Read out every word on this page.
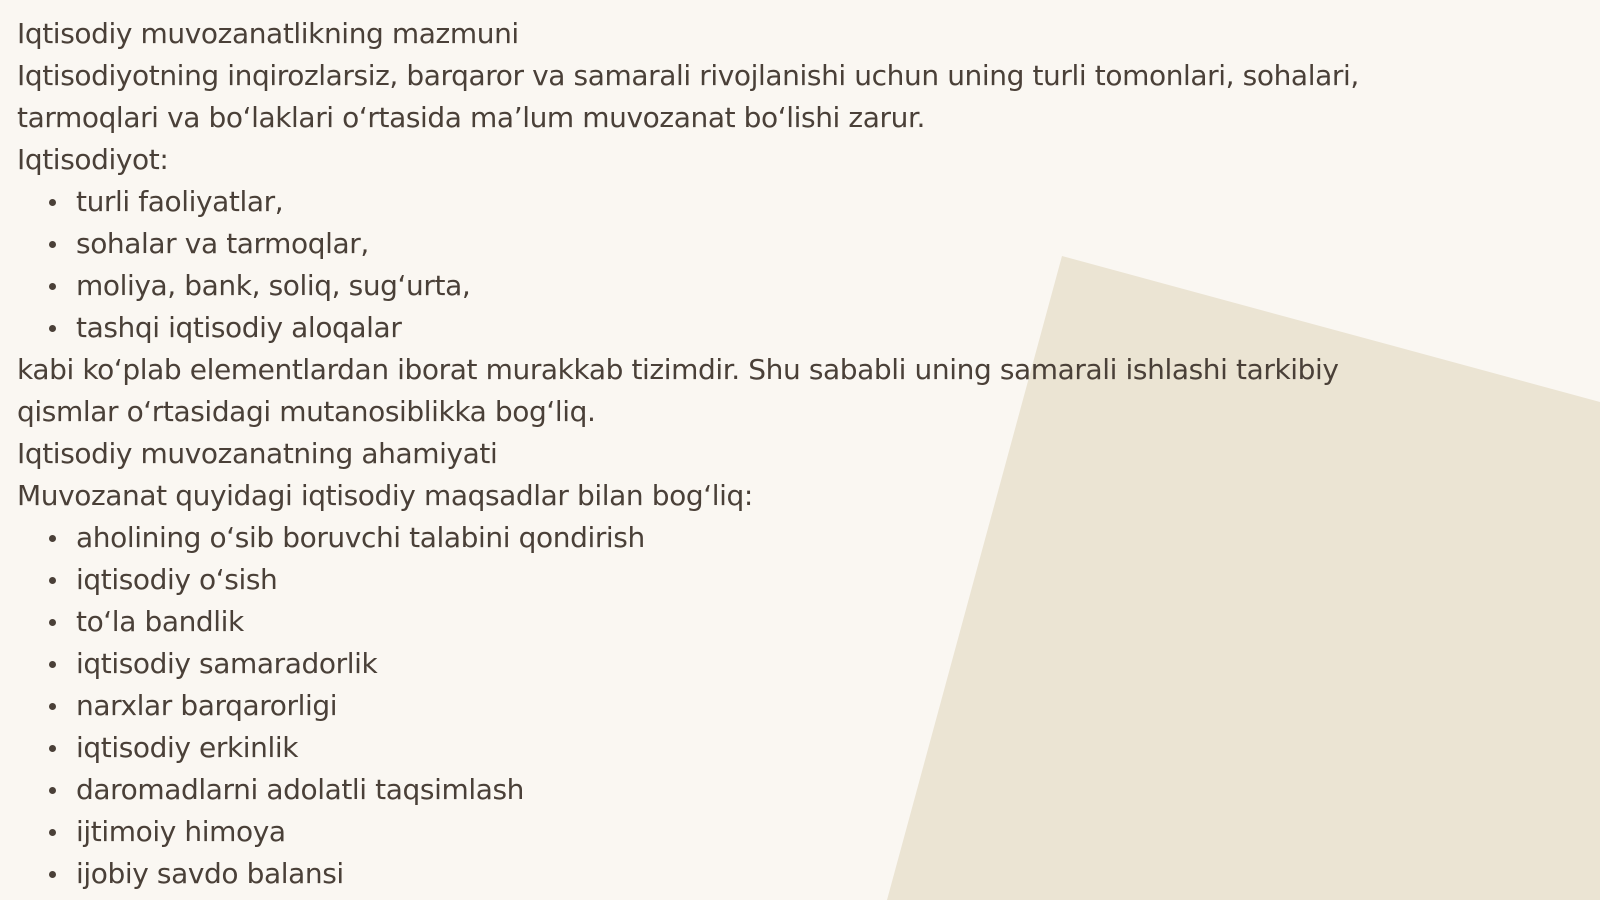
Iqtisodiy muvozanatlikning mazmuni

Iqtisodiyotning inqirozlarsiz, barqaror va samarali rivojlanishi uchun uning turli tomonlari, sohalari,

tarmoqlari va bo‘laklari o‘rtasida ma’lum muvozanat bo‘lishi zarur.

Iqtisodiyot:

turli faoliyatlar,
sohalar va tarmoqlar,
moliya, bank, soliq, sug‘urta,
tashqi iqtisodiy aloqalar

kabi ko‘plab elementlardan iborat murakkab tizimdir. Shu sababli uning samarali ishlashi tarkibiy

qismlar o‘rtasidagi mutanosiblikka bog‘liq.

Iqtisodiy muvozanatning ahamiyati

Muvozanat quyidagi iqtisodiy maqsadlar bilan bog‘liq:

aholining o‘sib boruvchi talabini qondirish
iqtisodiy o‘sish
to‘la bandlik
iqtisodiy samaradorlik
narxlar barqarorligi
iqtisodiy erkinlik
daromadlarni adolatli taqsimlash
ijtimoiy himoya
ijobiy savdo balansi
